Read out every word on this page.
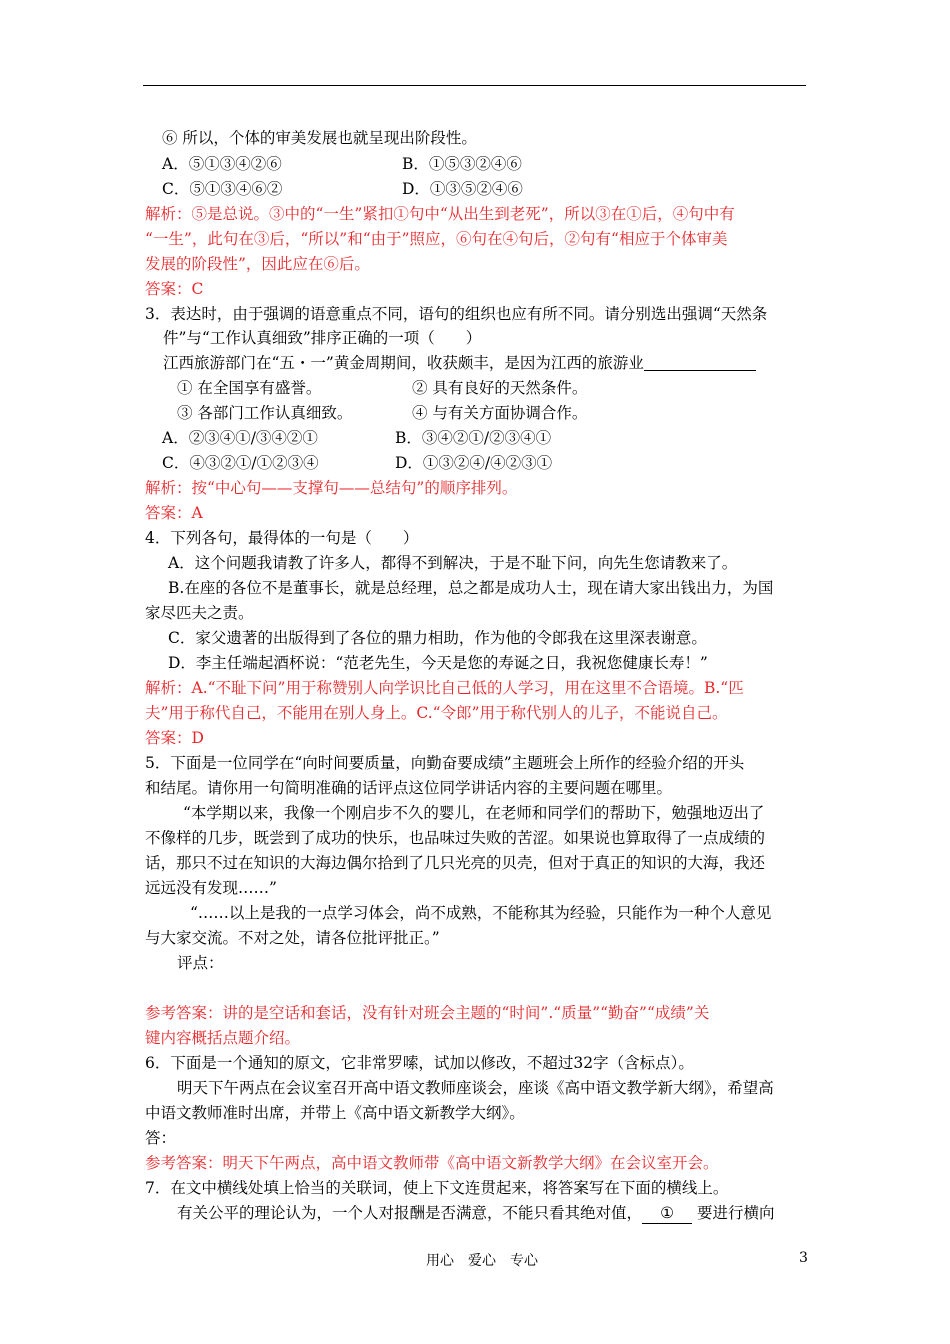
⑥ 所以，个体的审美发展也就呈现出阶段性。
A．⑤①③④②⑥	B．①⑤③②④⑥
C．⑤①③④⑥②	D．①③⑤②④⑥
解析：⑤是总说。③中的“一生”紧扣①句中“从出生到老死”，所以③在①后，④句中有
“一生”，此句在③后，“所以”和“由于”照应，⑥句在④句后，②句有“相应于个体审美
发展的阶段性”，因此应在⑥后。
答案：C
3．表达时，由于强调的语意重点不同，语句的组织也应有所不同。请分别选出强调“天然条
件”与“工作认真细致”排序正确的一项（　　）
江西旅游部门在“五・一”黄金周期间，收获颇丰，是因为江西的旅游业
① 在全国享有盛誉。	② 具有良好的天然条件。
③ 各部门工作认真细致。	④ 与有关方面协调合作。
A．②③④①/③④②①	B．③④②①/②③④①
C．④③②①/①②③④	D．①③②④/④②③①
解析：按“中心句——支撑句——总结句”的顺序排列。
答案：A
4．下列各句，最得体的一句是（　　）
A．这个问题我请教了许多人，都得不到解决，于是不耻下问，向先生您请教来了。
B.在座的各位不是董事长，就是总经理，总之都是成功人士，现在请大家出钱出力，为国
家尽匹夫之责。
C．家父遗著的出版得到了各位的鼎力相助，作为他的令郎我在这里深表谢意。
D．李主任端起酒杯说：“范老先生，今天是您的寿诞之日，我祝您健康长寿！”
解析：A.“不耻下问”用于称赞别人向学识比自己低的人学习，用在这里不合语境。B.“匹
夫”用于称代自己，不能用在别人身上。C.“令郎”用于称代别人的儿子，不能说自己。
答案：D
5．下面是一位同学在“向时间要质量，向勤奋要成绩”主题班会上所作的经验介绍的开头
和结尾。请你用一句简明准确的话评点这位同学讲话内容的主要问题在哪里。
“本学期以来，我像一个刚启步不久的婴儿，在老师和同学们的帮助下，勉强地迈出了
不像样的几步，既尝到了成功的快乐，也品味过失败的苦涩。如果说也算取得了一点成绩的
话，那只不过在知识的大海边偶尔拾到了几只光亮的贝壳，但对于真正的知识的大海，我还
远远没有发现……”
“……以上是我的一点学习体会，尚不成熟，不能称其为经验，只能作为一种个人意见
与大家交流。不对之处，请各位批评批正。”
评点：
参考答案：讲的是空话和套话，没有针对班会主题的“时间”.“质量”“勤奋”“成绩”关
键内容概括点题介绍。
6．下面是一个通知的原文，它非常罗嗦，试加以修改，不超过32字（含标点）。
明天下午两点在会议室召开高中语文教师座谈会，座谈《高中语文教学新大纲》，希望高
中语文教师准时出席，并带上《高中语文新教学大纲》。
答：
参考答案：明天下午两点，高中语文教师带《高中语文新教学大纲》在会议室开会。
7．在文中横线处填上恰当的关联词，使上下文连贯起来，将答案写在下面的横线上。
有关公平的理论认为，一个人对报酬是否满意，不能只看其绝对值， ① 要进行横向
用心　爱心　专心	3
